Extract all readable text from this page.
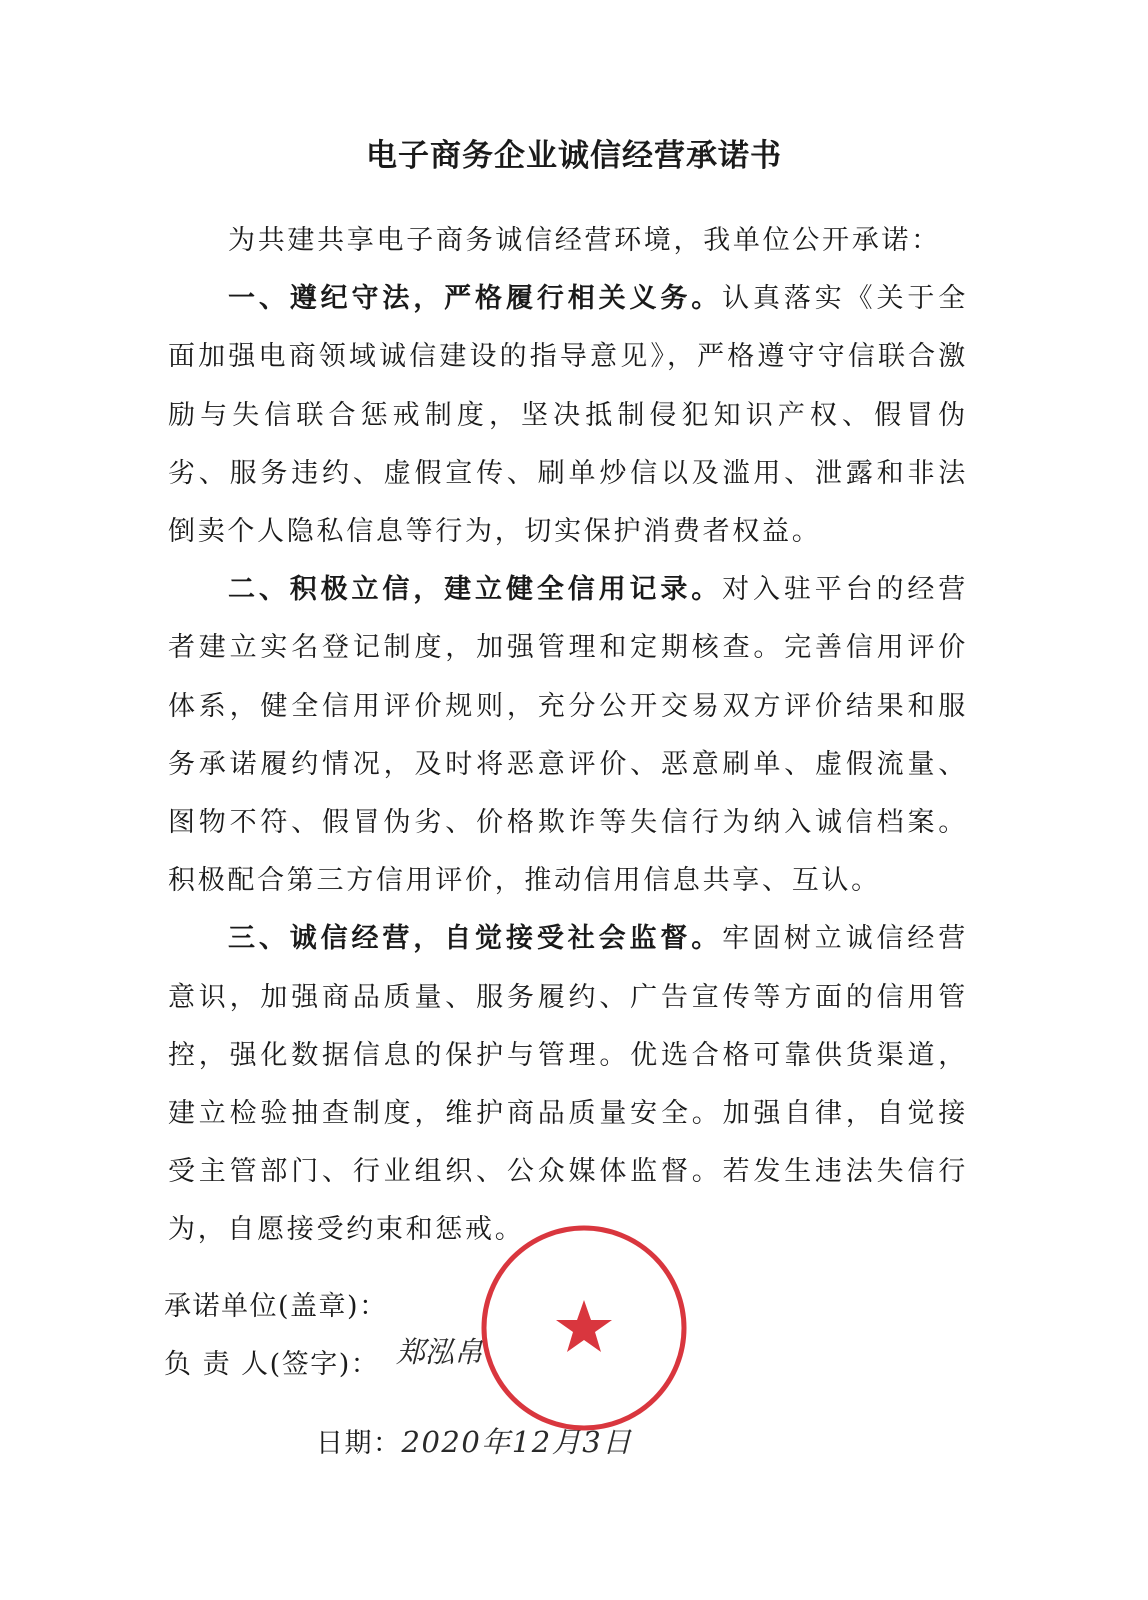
电子商务企业诚信经营承诺书

为共建共享电子商务诚信经营环境，我单位公开承诺：

一、遵纪守法，严格履行相关义务。认真落实《关于全面加强电商领域诚信建设的指导意见》，严格遵守守信联合激励与失信联合惩戒制度，坚决抵制侵犯知识产权、假冒伪劣、服务违约、虚假宣传、刷单炒信以及滥用、泄露和非法倒卖个人隐私信息等行为，切实保护消费者权益。

二、积极立信，建立健全信用记录。对入驻平台的经营者建立实名登记制度，加强管理和定期核查。完善信用评价体系，健全信用评价规则，充分公开交易双方评价结果和服务承诺履约情况，及时将恶意评价、恶意刷单、虚假流量、图物不符、假冒伪劣、价格欺诈等失信行为纳入诚信档案。积极配合第三方信用评价，推动信用信息共享、互认。

三、诚信经营，自觉接受社会监督。牢固树立诚信经营意识，加强商品质量、服务履约、广告宣传等方面的信用管控，强化数据信息的保护与管理。优选合格可靠供货渠道，建立检验抽查制度，维护商品质量安全。加强自律，自觉接受主管部门、行业组织、公众媒体监督。若发生违法失信行为，自愿接受约束和惩戒。

承诺单位(盖章)：
负 责 人(签字)： 郑泓帛
日期：2020年12月3日
